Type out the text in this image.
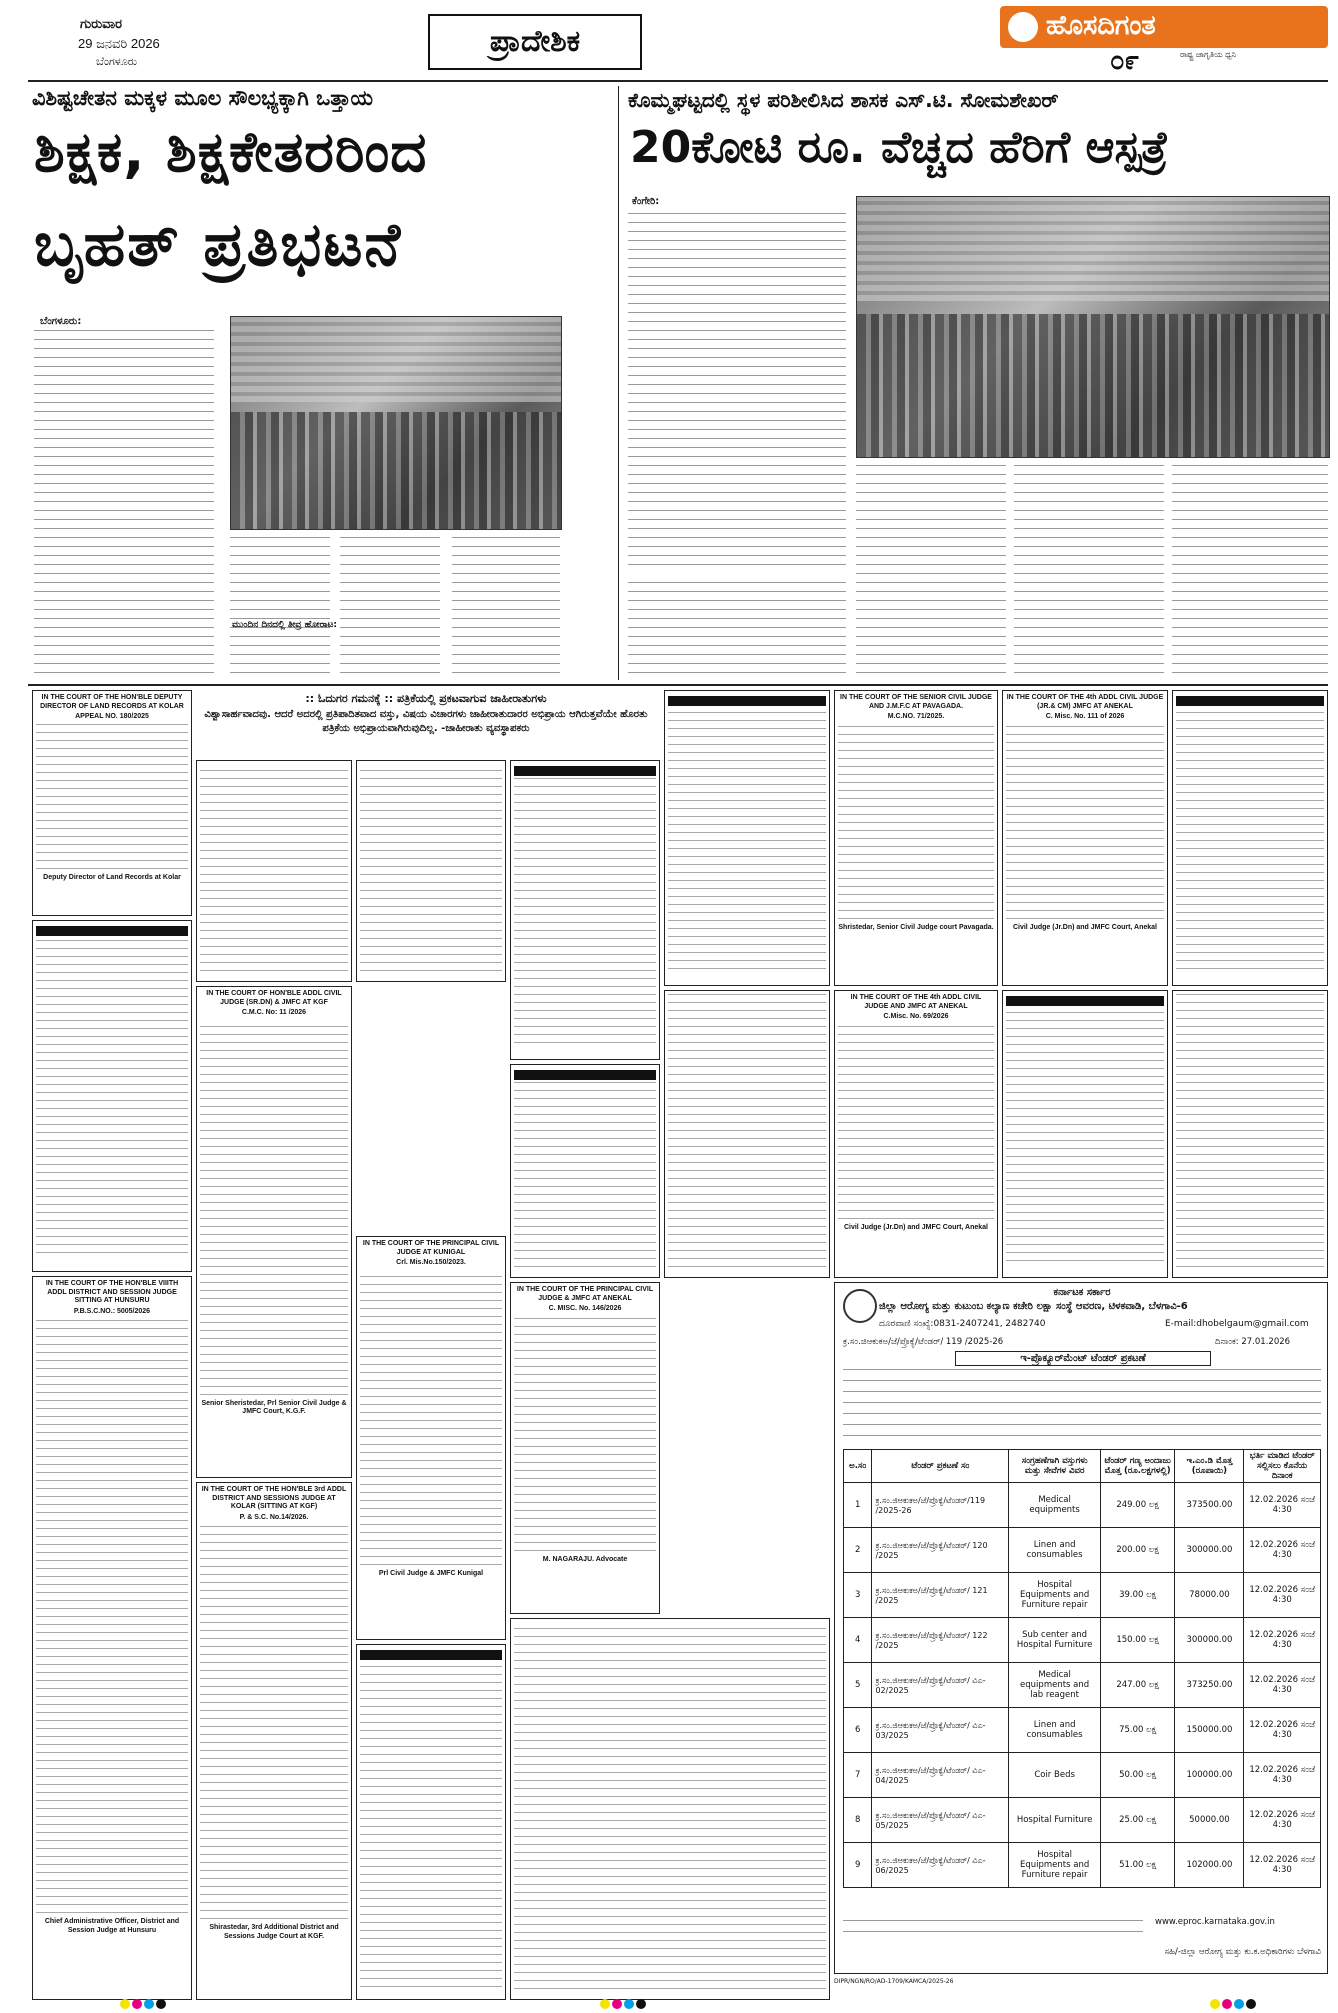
ಗುರುವಾರ
29 ಜನವರಿ 2026
ಬೆಂಗಳೂರು
ಪ್ರಾದೇಶಿಕ	ಹೊಸದಿಗಂತ
ರಾಷ್ಟ್ರ ಜಾಗೃತಿಯ ಧ್ವನಿ
೦೯
ವಿಶಿಷ್ಟಚೇತನ ಮಕ್ಕಳ ಮೂಲ ಸೌಲಭ್ಯಕ್ಕಾಗಿ ಒತ್ತಾಯ
ಶಿಕ್ಷಕ, ಶಿಕ್ಷಕೇತರರಿಂದ
ಬೃಹತ್ ಪ್ರತಿಭಟನೆ
ಬೆಂಗಳೂರು:
ಮುಂದಿನ ದಿನದಲ್ಲಿ ತೀವ್ರ ಹೋರಾಟ:
ಕೊಮ್ಮಘಟ್ಟದಲ್ಲಿ ಸ್ಥಳ ಪರಿಶೀಲಿಸಿದ ಶಾಸಕ ಎಸ್.ಟಿ. ಸೋಮಶೇಖರ್
20ಕೋಟಿ ರೂ. ವೆಚ್ಚದ ಹೆರಿಗೆ ಆಸ್ಪತ್ರೆ
ಕೆಂಗೇರಿ:
:: ಓದುಗರ ಗಮನಕ್ಕೆ :: ಪತ್ರಿಕೆಯಲ್ಲಿ ಪ್ರಕಟವಾಗುವ ಜಾಹೀರಾತುಗಳು
ವಿಶ್ವಾಸಾರ್ಹವಾದವು. ಆದರೆ ಅದರಲ್ಲಿ ಪ್ರತಿಪಾದಿತವಾದ ವಸ್ತು, ವಿಷಯ ವಿಚಾರಗಳು ಜಾಹೀರಾತುದಾರರ ಅಭಿಪ್ರಾಯ ಆಗಿರುತ್ತವೆಯೇ ಹೊರತು ಪತ್ರಿಕೆಯ ಅಭಿಪ್ರಾಯವಾಗಿರುವುದಿಲ್ಲ. -ಜಾಹೀರಾತು ವ್ಯವಸ್ಥಾಪಕರು
IN THE COURT OF THE HON'BLE DEPUTY DIRECTOR OF LAND RECORDS AT KOLAR
APPEAL NO. 180/2025
Deputy Director of Land Records at Kolar

IN THE COURT OF THE HON'BLE VIIITH ADDL DISTRICT AND SESSION JUDGE SITTING AT HUNSURU
P.B.S.C.NO.: 5005/2026
Chief Administrative Officer, District and Session Judge at Hunsuru
IN THE COURT OF HON'BLE ADDL CIVIL JUDGE (SR.DN) & JMFC AT KGF
C.M.C. No: 11 /2026
Senior Sheristedar, Prl Senior Civil Judge & JMFC Court, K.G.F.
IN THE COURT OF THE HON'BLE 3rd ADDL DISTRICT AND SESSIONS JUDGE AT KOLAR (SITTING AT KGF)
P. & S.C. No.14/2026.
Shirastedar, 3rd Additional District and Sessions Judge Court at KGF.
IN THE COURT OF THE PRINCIPAL CIVIL JUDGE AT KUNIGAL
Crl. Mis.No.150/2023.
Prl Civil Judge & JMFC Kunigal

IN THE COURT OF THE PRINCIPAL CIVIL JUDGE & JMFC AT ANEKAL
C. MISC. No. 146/2026
M. NAGARAJU. Advocate

IN THE COURT OF THE SENIOR CIVIL JUDGE AND J.M.F.C AT PAVAGADA.
M.C.NO. 71/2025.
Shristedar, Senior Civil Judge court Pavagada.
IN THE COURT OF THE 4th ADDL CIVIL JUDGE (JR.& CM) JMFC AT ANEKAL
C. Misc. No. 111 of 2026
Civil Judge (Jr.Dn) and JMFC Court, Anekal

IN THE COURT OF THE 4th ADDL CIVIL JUDGE AND JMFC AT ANEKAL
C.Misc. No. 69/2026
Civil Judge (Jr.Dn) and JMFC Court, Anekal

ಕರ್ನಾಟಕ ಸರ್ಕಾರ
ಜಿಲ್ಲಾ ಆರೋಗ್ಯ ಮತ್ತು ಕುಟುಂಬ ಕಲ್ಯಾಣ ಕಚೇರಿ ಲಕ್ಷಾ ಸಂಸ್ಥೆ ಆವರಣ, ಟಿಳಕವಾಡಿ, ಬೆಳಗಾವಿ-6
ದೂರವಾಣಿ ಸಂಖ್ಯೆ:0831-2407241, 2482740	E-mail:dhobelgaum@gmail.com
ಕ್ರ.ಸಂ.ಜಿಆಕುಕಅ/ಜೆ/ಪ್ರೊಕ್ಯೆ/ಟೆಂಡರ್/ 119 /2025-26	ದಿನಾಂಕ: 27.01.2026
ಇ-ಪ್ರೊಕ್ಯೂರ್‌ಮೆಂಟ್ ಟೆಂಡರ್ ಪ್ರಕಟಣೆ
ಅ.ಸಂ	ಟೆಂಡರ್ ಪ್ರಕಟಣೆ ಸಂ	ಸಂಗ್ರಹಣೆಗಾಗಿ ವಸ್ತುಗಳು ಮತ್ತು ಸೇವೆಗಳ ವಿವರ	ಟೆಂಡರ್ ಗಣ್ಯ ಅಂದಾಜು ಮೊತ್ತ (ರೂ.ಲಕ್ಷಗಳಲ್ಲಿ)	ಇ.ಎಂ.ಡಿ ಮೊತ್ತ (ರೂಪಾಯಿ)	ಭರ್ತಿ ಮಾಡಿದ ಟೆಂಡರ್ ಸಲ್ಲಿಸಲು ಕೊನೆಯ ದಿನಾಂಕ
1	ಕ್ರ.ಸಂ.ಜಿಆಕುಕಅ/ಜೆ/ಪ್ರೊಕ್ಯೆ/ಟೆಂಡರ್/119 /2025-26	Medical equipments	249.00 ಲಕ್ಷ	373500.00	12.02.2026 ಸಂಜೆ 4:30
2	ಕ್ರ.ಸಂ.ಜಿಆಕುಕಅ/ಜೆ/ಪ್ರೊಕ್ಯೆ/ಟೆಂಡರ್/ 120 /2025	Linen and consumables	200.00 ಲಕ್ಷ	300000.00	12.02.2026 ಸಂಜೆ 4:30
3	ಕ್ರ.ಸಂ.ಜಿಆಕುಕಅ/ಜೆ/ಪ್ರೊಕ್ಯೆ/ಟೆಂಡರ್/ 121 /2025	Hospital Equipments and Furniture repair	39.00 ಲಕ್ಷ	78000.00	12.02.2026 ಸಂಜೆ 4:30
4	ಕ್ರ.ಸಂ.ಜಿಆಕುಕಅ/ಜೆ/ಪ್ರೊಕ್ಯೆ/ಟೆಂಡರ್/ 122 /2025	Sub center and Hospital Furniture	150.00 ಲಕ್ಷ	300000.00	12.02.2026 ಸಂಜೆ 4:30
5	ಕ್ರ.ಸಂ.ಜಿಆಕುಕಅ/ಜೆ/ಪ್ರೊಕ್ಯೆ/ಟೆಂಡರ್/ ವಿಎ- 02/2025	Medical equipments and lab reagent	247.00 ಲಕ್ಷ	373250.00	12.02.2026 ಸಂಜೆ 4:30
6	ಕ್ರ.ಸಂ.ಜಿಆಕುಕಅ/ಜೆ/ಪ್ರೊಕ್ಯೆ/ಟೆಂಡರ್/ ವಿಎ- 03/2025	Linen and consumables	75.00 ಲಕ್ಷ	150000.00	12.02.2026 ಸಂಜೆ 4:30
7	ಕ್ರ.ಸಂ.ಜಿಆಕುಕಅ/ಜೆ/ಪ್ರೊಕ್ಯೆ/ಟೆಂಡರ್/ ವಿಎ- 04/2025	Coir Beds	50.00 ಲಕ್ಷ	100000.00	12.02.2026 ಸಂಜೆ 4:30
8	ಕ್ರ.ಸಂ.ಜಿಆಕುಕಅ/ಜೆ/ಪ್ರೊಕ್ಯೆ/ಟೆಂಡರ್/ ವಿಎ- 05/2025	Hospital Furniture	25.00 ಲಕ್ಷ	50000.00	12.02.2026 ಸಂಜೆ 4:30
9	ಕ್ರ.ಸಂ.ಜಿಆಕುಕಅ/ಜೆ/ಪ್ರೊಕ್ಯೆ/ಟೆಂಡರ್/ ವಿಎ- 06/2025	Hospital Equipments and Furniture repair	51.00 ಲಕ್ಷ	102000.00	12.02.2026 ಸಂಜೆ 4:30
www.eproc.karnataka.gov.in
ಸಹಿ/-ಜಿಲ್ಲಾ ಆರೋಗ್ಯ ಮತ್ತು ಕು.ಕ.ಅಧಿಕಾರಿಗಳು ಬೆಳಗಾವಿ
DIPR/NGN/RO/AD-1709/KAMCA/2025-26
